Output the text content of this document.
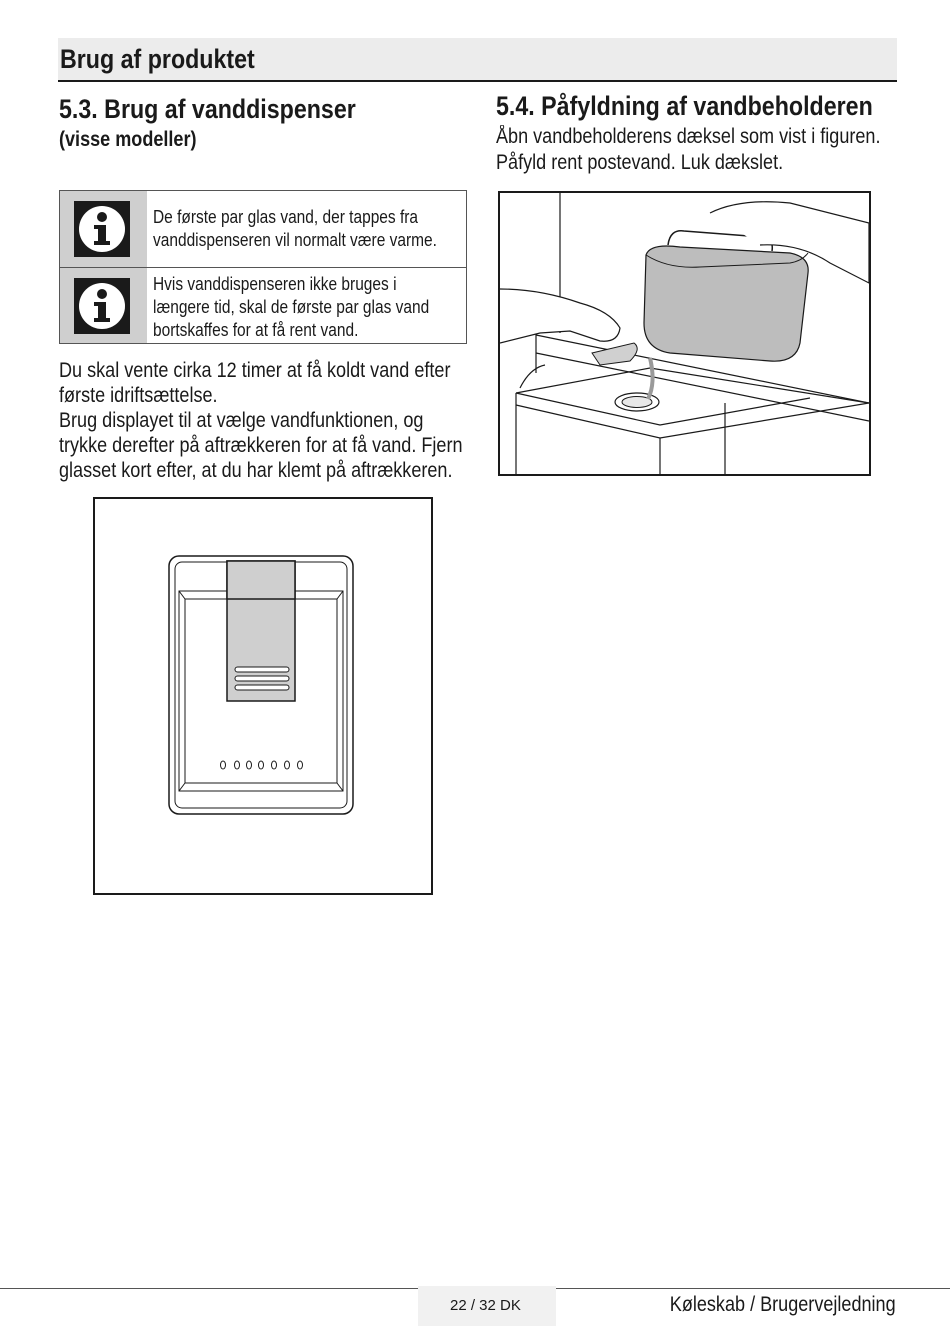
Brug af produktet
5.3. Brug af vanddispenser
(visse modeller)
De første par glas vand, der tappes fra
vanddispenseren vil normalt være varme.
Hvis vanddispenseren ikke bruges i
længere tid, skal de første par glas vand
bortskaffes for at få rent vand.
Du skal vente cirka 12 timer at få koldt vand efter
første idriftsættelse.
Brug displayet til at vælge vandfunktionen, og
trykke derefter på aftrækkeren for at få vand. Fjern
glasset kort efter, at du har klemt på aftrækkeren.
5.4. Påfyldning af vandbeholderen
Åbn vandbeholderens dæksel som vist i figuren.
Påfyld rent postevand. Luk dækslet.
22 / 32 DK	Køleskab / Brugervejledning
